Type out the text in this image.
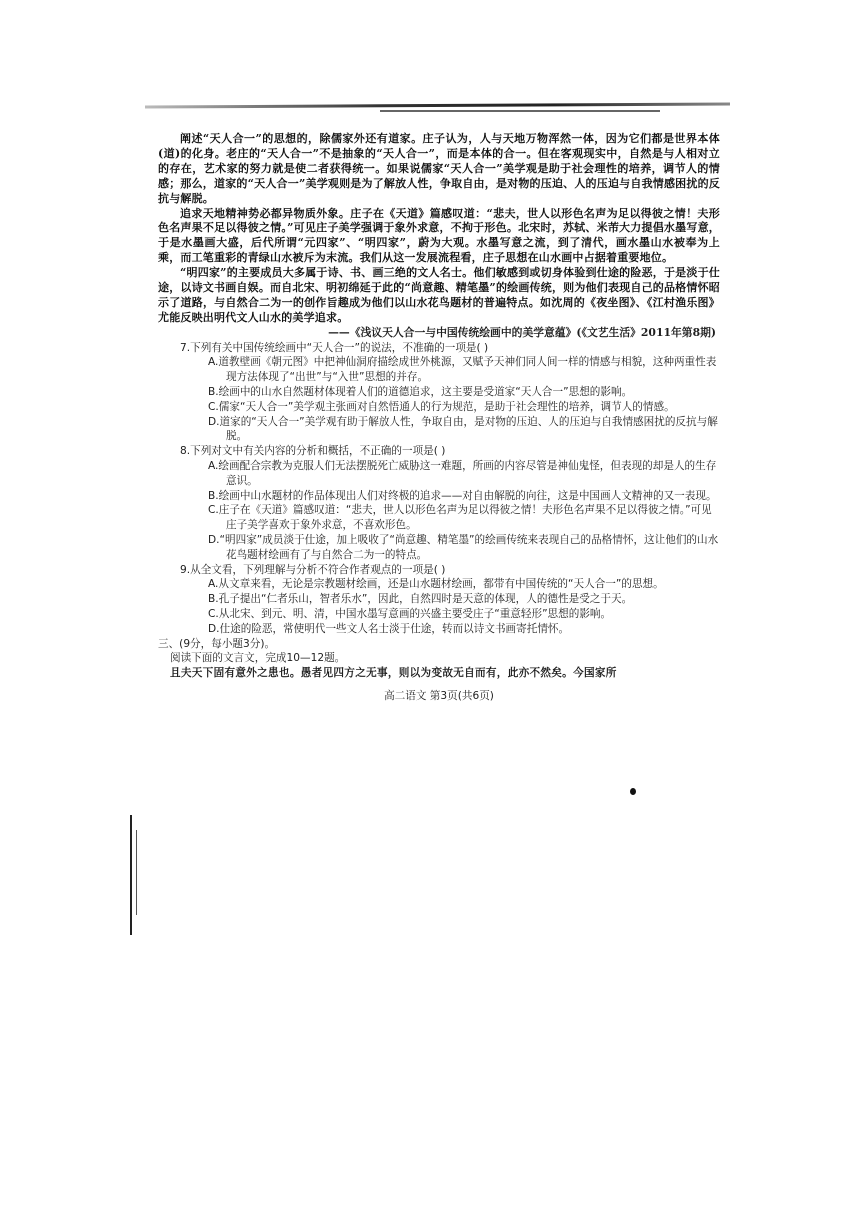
阐述“天人合一”的思想的，除儒家外还有道家。庄子认为，人与天地万物浑然一体，因为它们都是世界本体(道)的化身。老庄的“天人合一”不是抽象的“天人合一”，而是本体的合一。但在客观现实中，自然是与人相对立的存在，艺术家的努力就是使二者获得统一。如果说儒家“天人合一”美学观是助于社会理性的培养，调节人的情感；那么，道家的“天人合一”美学观则是为了解放人性，争取自由，是对物的压迫、人的压迫与自我情感困扰的反抗与解脱。

追求天地精神势必都异物质外象。庄子在《天道》篇感叹道：“悲夫，世人以形色名声为足以得彼之情！夫形色名声果不足以得彼之情。”可见庄子美学强调于象外求意，不拘于形色。北宋时，苏轼、米芾大力提倡水墨写意，于是水墨画大盛，后代所谓“元四家”、“明四家”，蔚为大观。水墨写意之流，到了清代，画水墨山水被奉为上乘，而工笔重彩的青绿山水被斥为末流。我们从这一发展流程看，庄子思想在山水画中占据着重要地位。

“明四家”的主要成员大多属于诗、书、画三绝的文人名士。他们敏感到或切身体验到仕途的险恶，于是淡于仕途，以诗文书画自娱。而自北宋、明初绵延于此的“尚意趣、精笔墨”的绘画传统，则为他们表现自己的品格情怀昭示了道路，与自然合二为一的创作旨趣成为他们以山水花鸟题材的普遍特点。如沈周的《夜坐图》、《江村渔乐图》尤能反映出明代文人山水的美学追求。

——《浅议天人合一与中国传统绘画中的美学意蕴》(《文艺生活》2011年第8期)
7. 下列有关中国传统绘画中“天人合一”的说法，不准确的一项是( )
A.道教壁画《朝元图》中把神仙洞府描绘成世外桃源，又赋予天神们同人间一样的情感与相貌，这种两重性表现方法体现了“出世”与“入世”思想的并存。
B.绘画中的山水自然题材体现着人们的道德追求，这主要是受道家“天人合一”思想的影响。
C.儒家“天人合一”美学观主张画对自然悟通人的行为规范，是助于社会理性的培养，调节人的情感。
D.道家的“天人合一”美学观有助于解放人性，争取自由，是对物的压迫、人的压迫与自我情感困扰的反抗与解脱。
8. 下列对文中有关内容的分析和概括，不正确的一项是( )
A.绘画配合宗教为克服人们无法摆脱死亡威胁这一难题，所画的内容尽管是神仙鬼怪，但表现的却是人的生存意识。
B.绘画中山水题材的作品体现出人们对终极的追求——对自由解脱的向往，这是中国画人文精神的又一表现。
C.庄子在《天道》篇感叹道：“悲夫，世人以形色名声为足以得彼之情！夫形色名声果不足以得彼之情。”可见庄子美学喜欢于象外求意，不喜欢形色。
D.“明四家”成员淡于仕途，加上吸收了“尚意趣、精笔墨”的绘画传统来表现自己的品格情怀，这让他们的山水花鸟题材绘画有了与自然合二为一的特点。
9. 从全文看，下列理解与分析不符合作者观点的一项是( )
A.从文章来看，无论是宗教题材绘画，还是山水题材绘画，都带有中国传统的“天人合一”的思想。
B.孔子提出“仁者乐山，智者乐水”，因此，自然四时是天意的体现，人的德性是受之于天。
C.从北宋、到元、明、清，中国水墨写意画的兴盛主要受庄子“重意轻形”思想的影响。
D.仕途的险恶，常使明代一些文人名士淡于仕途，转而以诗文书画寄托情怀。
三、(9分，每小题3分)。
阅读下面的文言文，完成10—12题。
且夫天下固有意外之患也。愚者见四方之无事，则以为变故无自而有，此亦不然矣。今国家所
高二语文 第3页(共6页)
